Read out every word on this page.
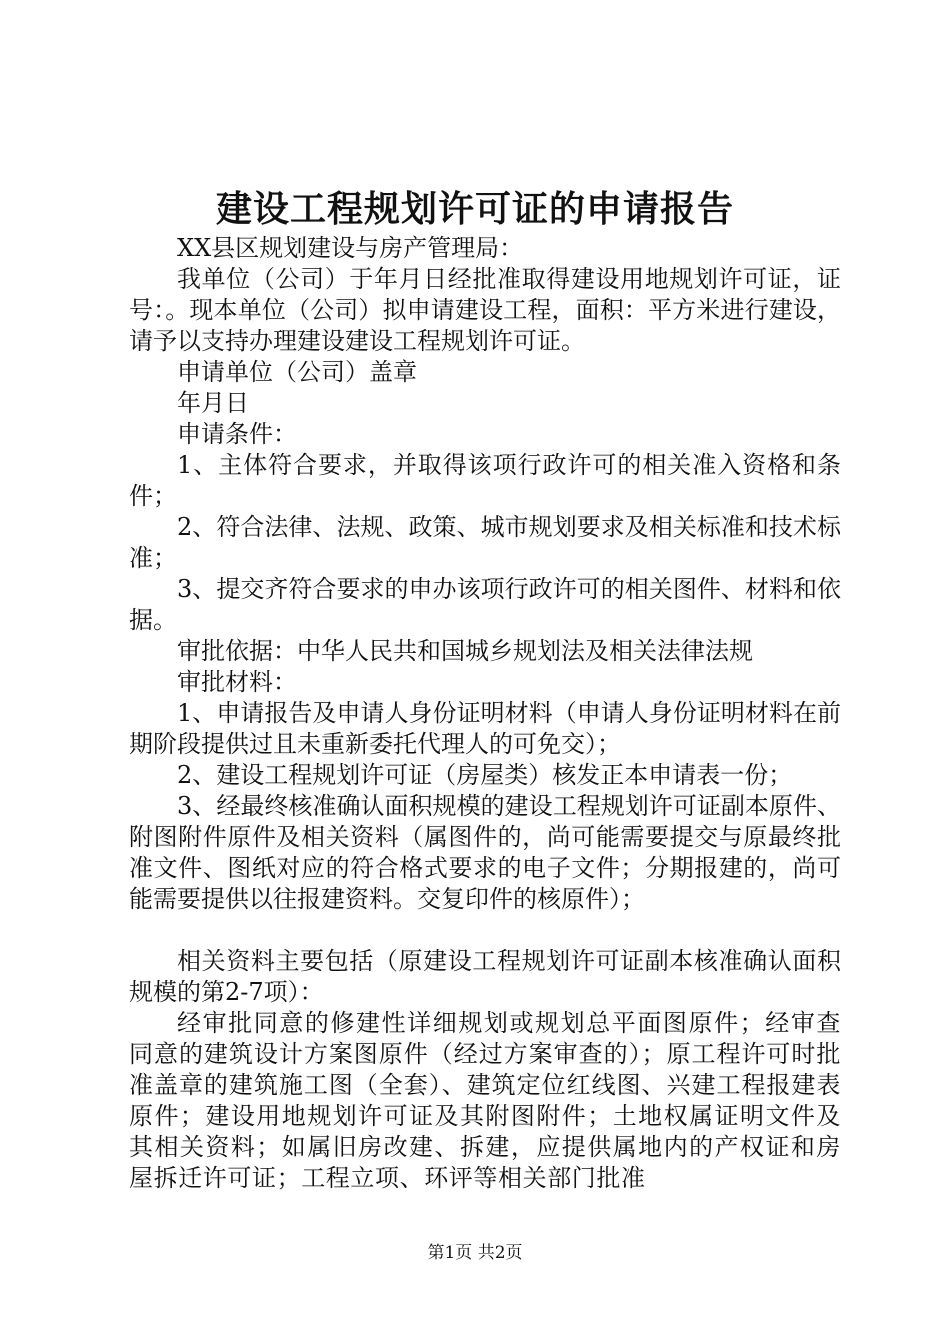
建设工程规划许可证的申请报告

XX县区规划建设与房产管理局：

我单位（公司）于年月日经批准取得建设用地规划许可证，证号：。现本单位（公司）拟申请建设工程，面积：平方米进行建设，请予以支持办理建设建设工程规划许可证。

申请单位（公司）盖章

年月日

申请条件：

1、主体符合要求，并取得该项行政许可的相关准入资格和条件；

2、符合法律、法规、政策、城市规划要求及相关标准和技术标准；

3、提交齐符合要求的申办该项行政许可的相关图件、材料和依据。

审批依据：中华人民共和国城乡规划法及相关法律法规

审批材料：

1、申请报告及申请人身份证明材料（申请人身份证明材料在前期阶段提供过且未重新委托代理人的可免交）；

2、建设工程规划许可证（房屋类）核发正本申请表一份；

3、经最终核准确认面积规模的建设工程规划许可证副本原件、附图附件原件及相关资料（属图件的，尚可能需要提交与原最终批准文件、图纸对应的符合格式要求的电子文件；分期报建的，尚可能需要提供以往报建资料。交复印件的核原件）；

相关资料主要包括（原建设工程规划许可证副本核准确认面积规模的第2-7项）：

经审批同意的修建性详细规划或规划总平面图原件；经审查同意的建筑设计方案图原件（经过方案审查的）；原工程许可时批准盖章的建筑施工图（全套）、建筑定位红线图、兴建工程报建表原件；建设用地规划许可证及其附图附件；土地权属证明文件及其相关资料；如属旧房改建、拆建，应提供属地内的产权证和房屋拆迁许可证；工程立项、环评等相关部门批准

第1页 共2页
